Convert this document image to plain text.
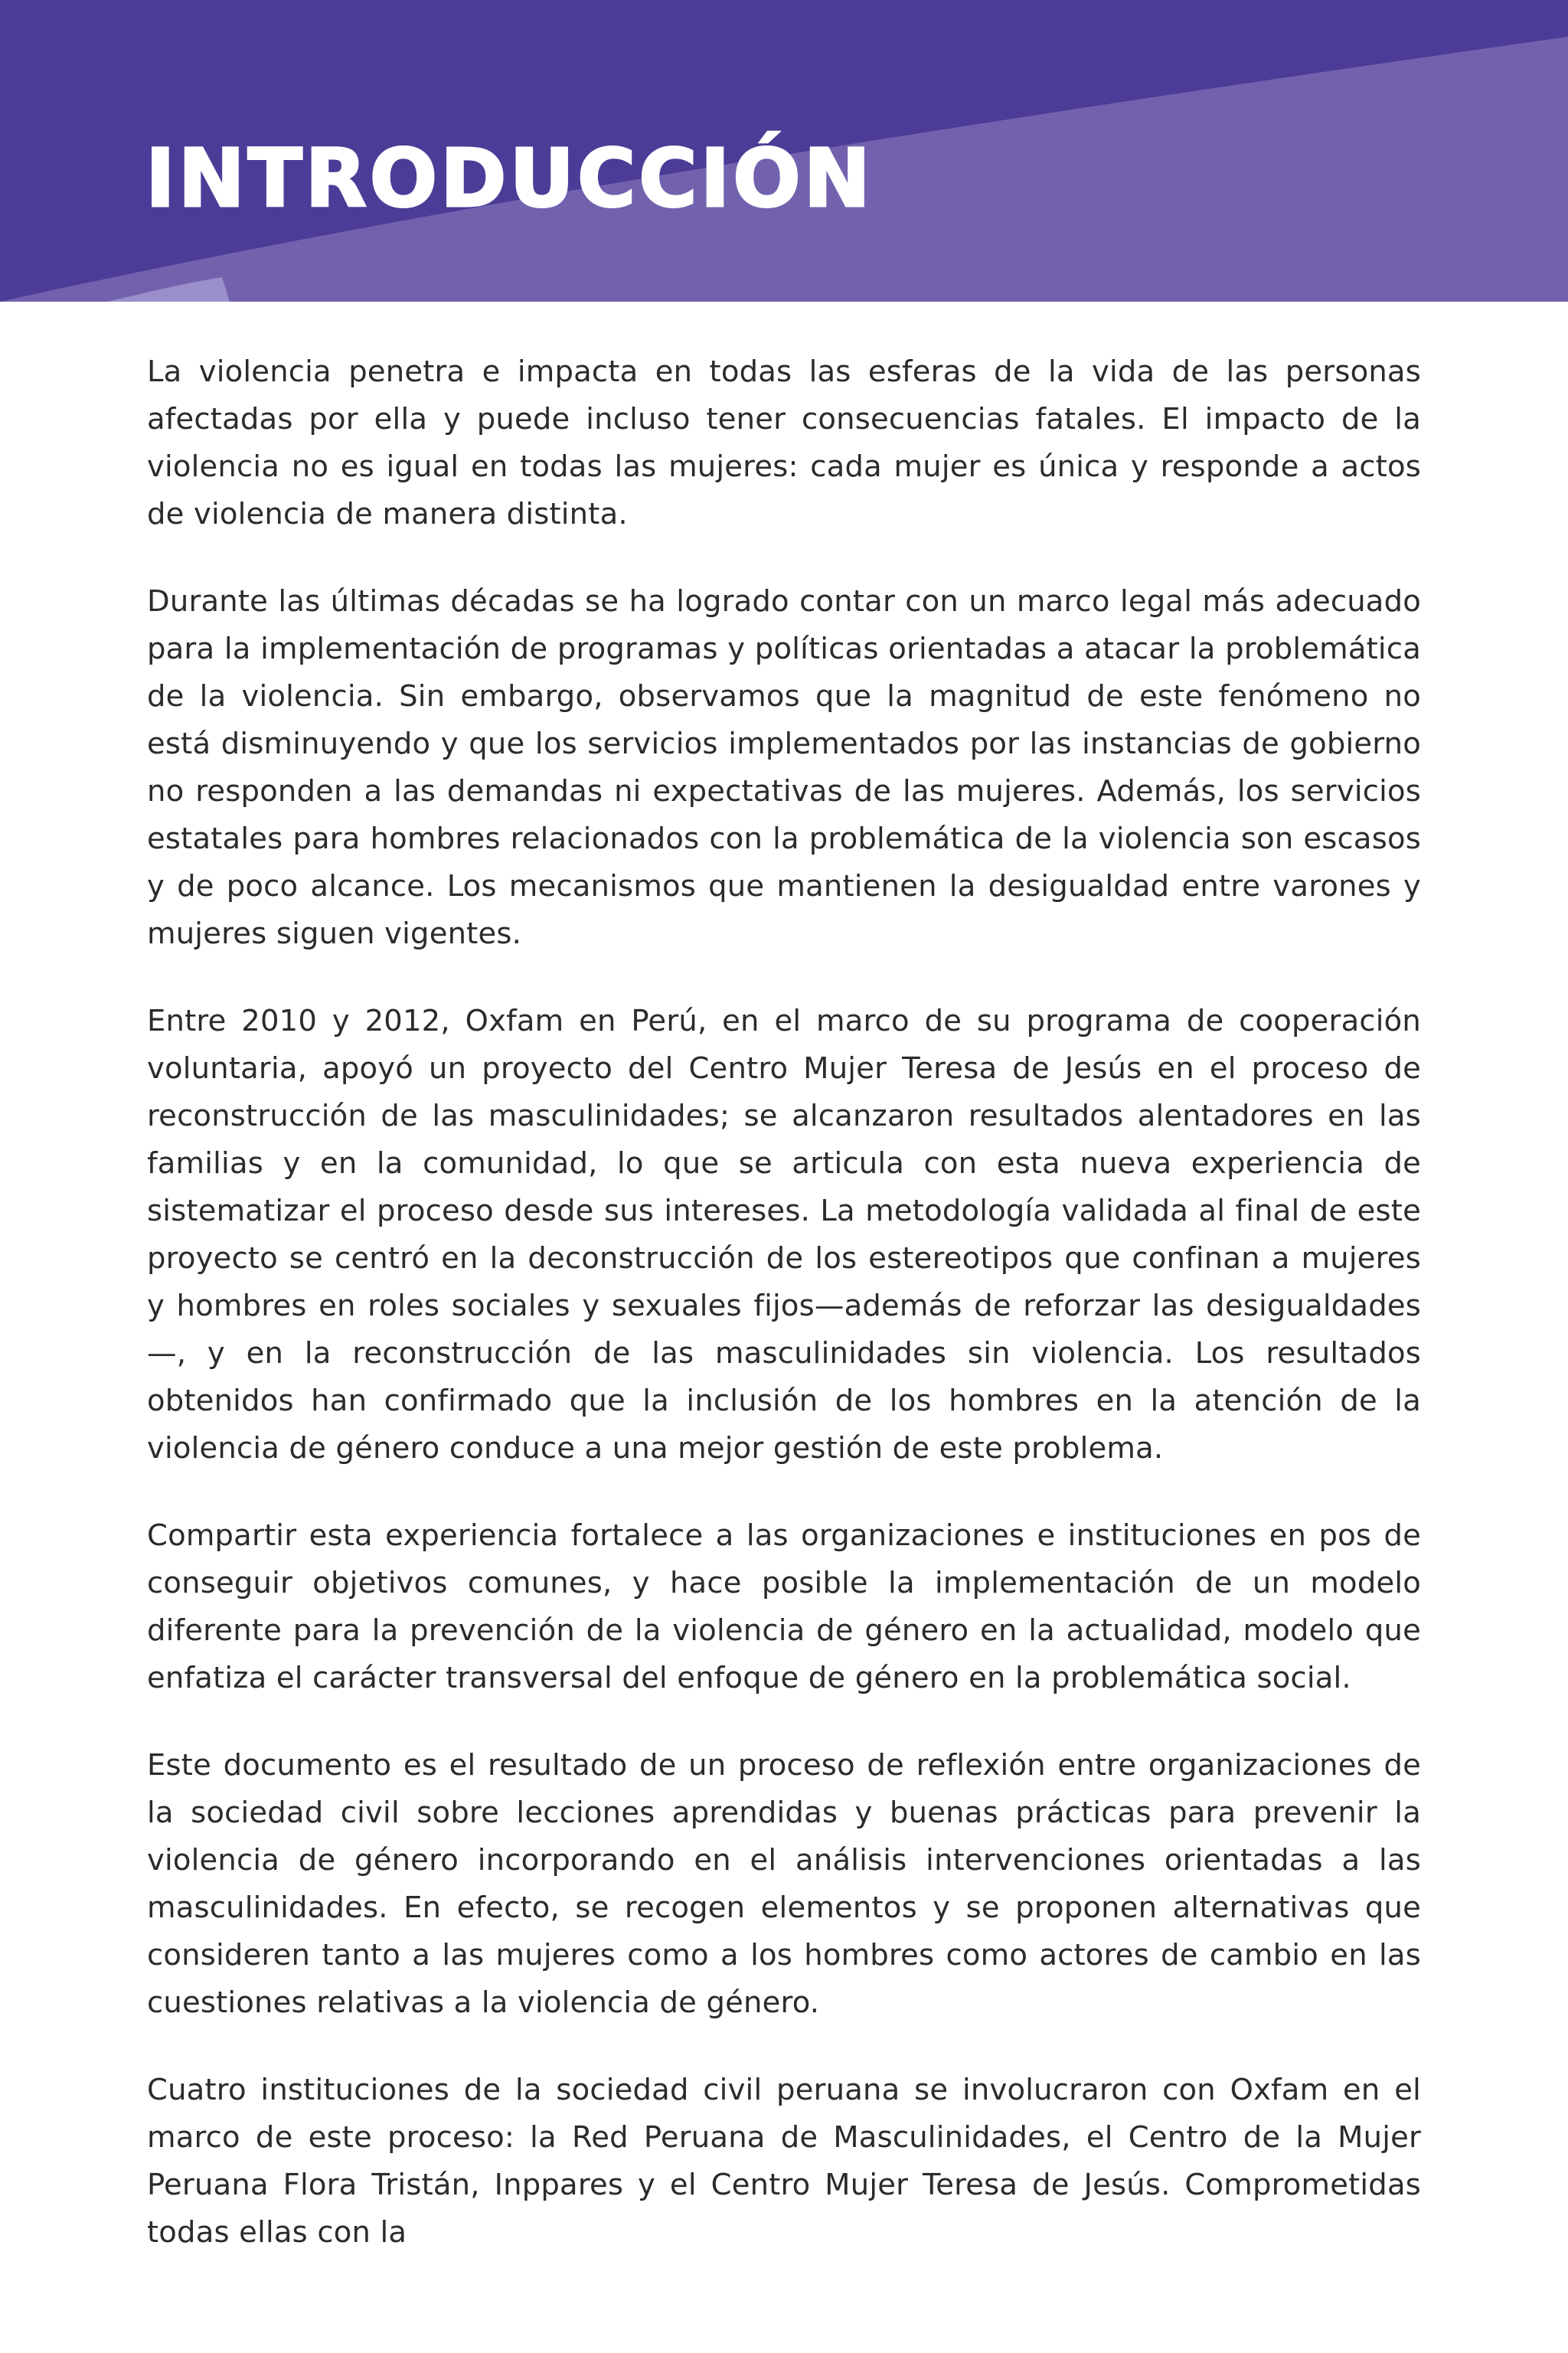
INTRODUCCIÓN

La violencia penetra e impacta en todas las esferas de la vida de las personas afectadas por ella y puede incluso tener consecuencias fatales. El impacto de la violencia no es igual en todas las mujeres: cada mujer es única y responde a actos de violencia de manera distinta.

Durante las últimas décadas se ha logrado contar con un marco legal más adecuado para la implementación de programas y políticas orientadas a atacar la problemática de la violencia. Sin embargo, observamos que la magnitud de este fenómeno no está disminuyendo y que los servicios implementados por las instancias de gobierno no responden a las demandas ni expectativas de las mujeres. Además, los servicios estatales para hombres relacionados con la problemática de la violencia son escasos y de poco alcance. Los mecanismos que mantienen la desigualdad entre varones y mujeres siguen vigentes.

Entre 2010 y 2012, Oxfam en Perú, en el marco de su programa de cooperación voluntaria, apoyó un proyecto del Centro Mujer Teresa de Jesús en el proceso de reconstrucción de las masculinidades; se alcanzaron resultados alentadores en las familias y en la comunidad, lo que se articula con esta nueva experiencia de sistematizar el proceso desde sus intereses. La metodología validada al final de este proyecto se centró en la deconstrucción de los estereotipos que confinan a mujeres y hombres en roles sociales y sexuales fijos—además de reforzar las desigualdades—, y en la reconstrucción de las masculinidades sin violencia. Los resultados obtenidos han confirmado que la inclusión de los hombres en la atención de la violencia de género conduce a una mejor gestión de este problema.

Compartir esta experiencia fortalece a las organizaciones e instituciones en pos de conseguir objetivos comunes, y hace posible la implementación de un modelo diferente para la prevención de la violencia de género en la actualidad, modelo que enfatiza el carácter transversal del enfoque de género en la problemática social.

Este documento es el resultado de un proceso de reflexión entre organizaciones de la sociedad civil sobre lecciones aprendidas y buenas prácticas para prevenir la violencia de género incorporando en el análisis intervenciones orientadas a las masculinidades. En efecto, se recogen elementos y se proponen alternativas que consideren tanto a las mujeres como a los hombres como actores de cambio en las cuestiones relativas a la violencia de género.

Cuatro instituciones de la sociedad civil peruana se involucraron con Oxfam en el marco de este proceso: la Red Peruana de Masculinidades, el Centro de la Mujer Peruana Flora Tristán, Inppares y el Centro Mujer Teresa de Jesús. Comprometidas todas ellas con la
